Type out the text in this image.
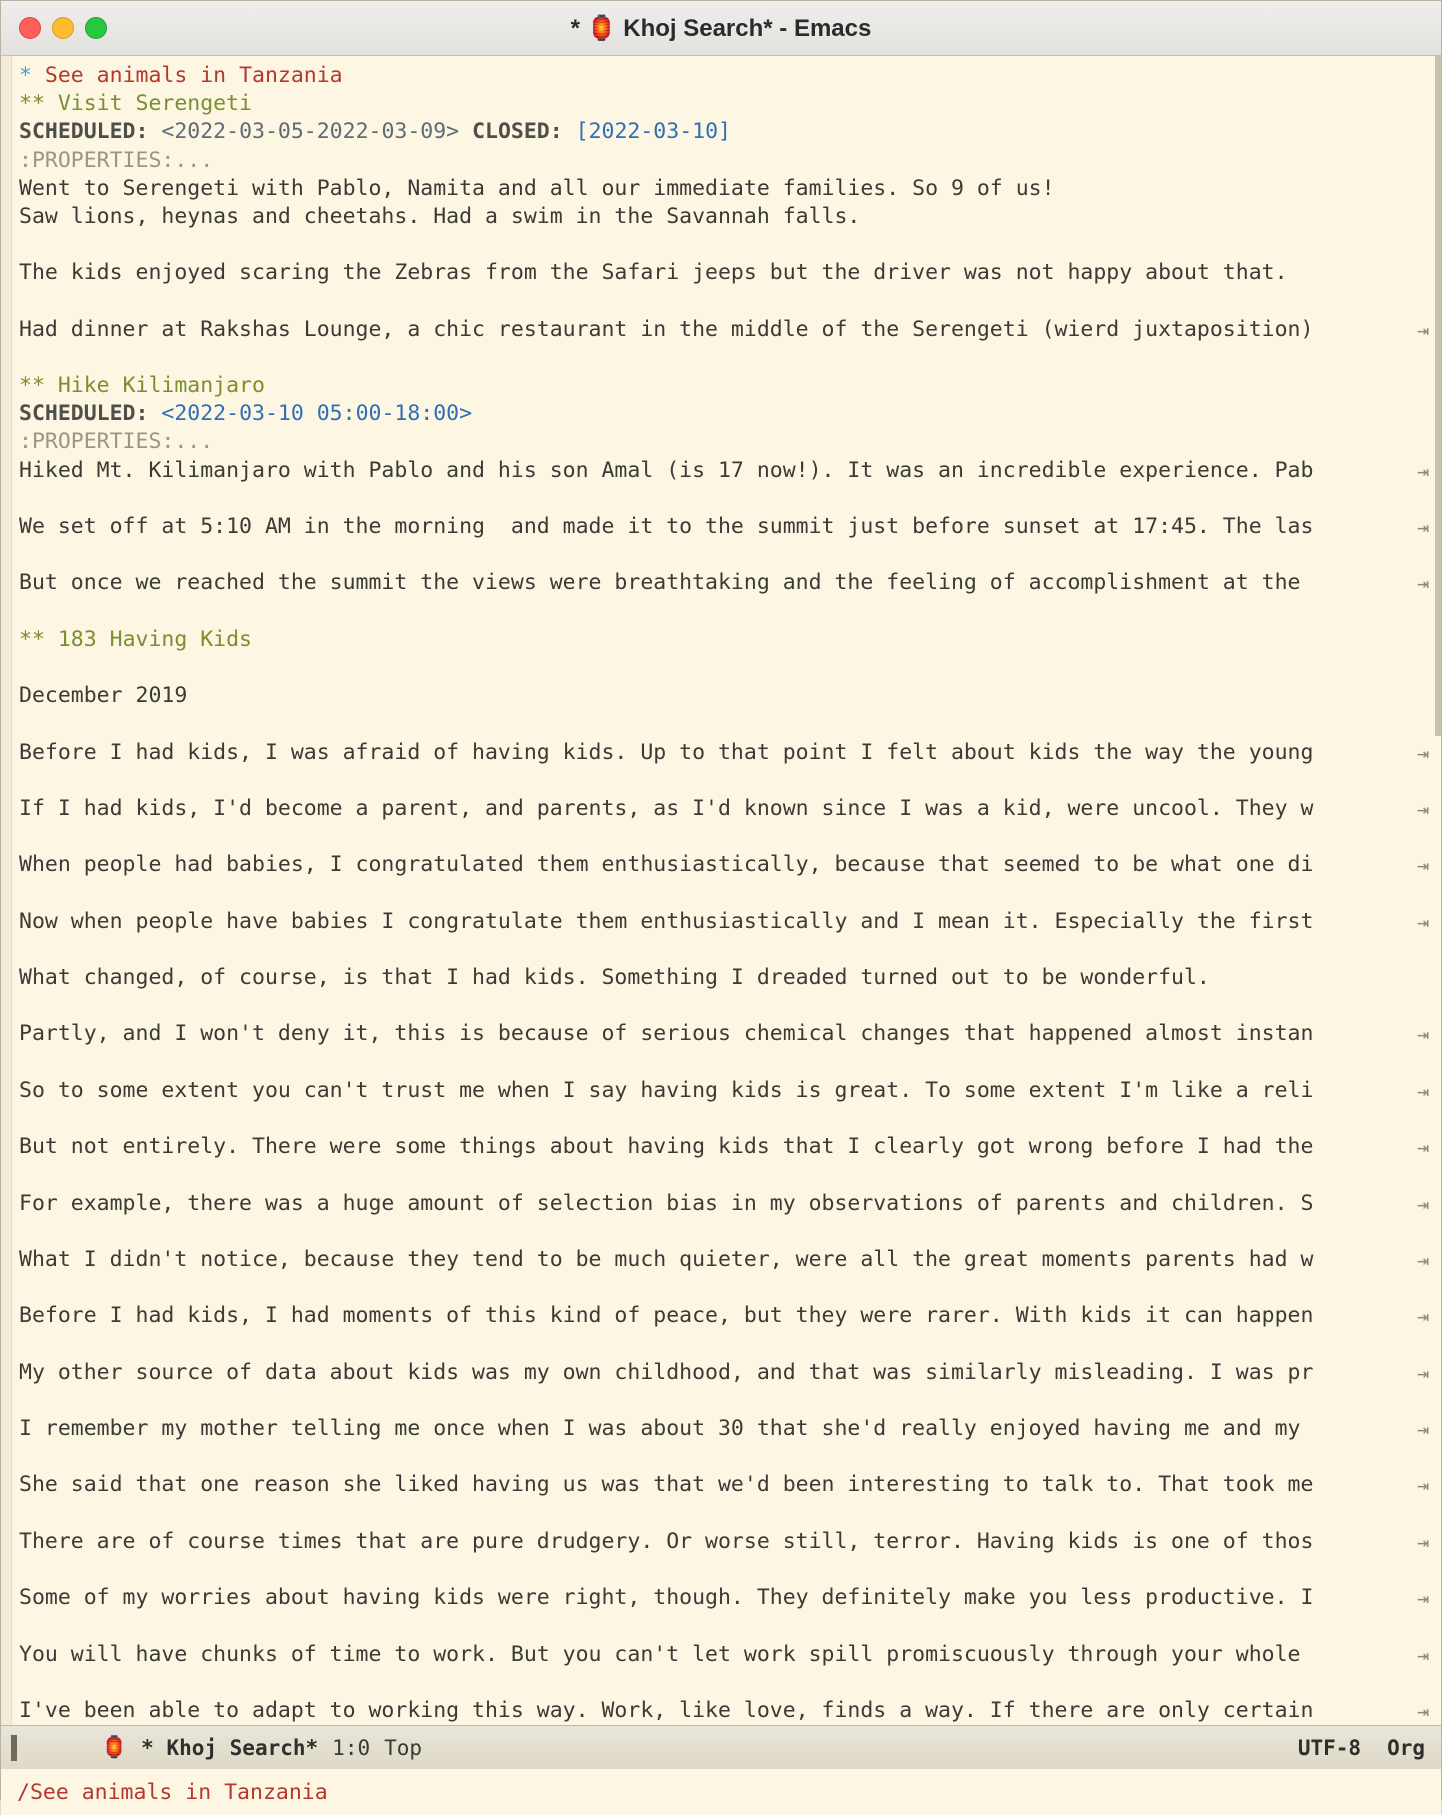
* 🏮 Khoj Search* - Emacs
* See animals in Tanzania
** Visit Serengeti
SCHEDULED: <2022-03-05-2022-03-09> CLOSED: [2022-03-10]
:PROPERTIES:...
Went to Serengeti with Pablo, Namita and all our immediate families. So 9 of us!
Saw lions, heynas and cheetahs. Had a swim in the Savannah falls.

The kids enjoyed scaring the Zebras from the Safari jeeps but the driver was not happy about that.

Had dinner at Rakshas Lounge, a chic restaurant in the middle of the Serengeti (wierd juxtaposition)	⇥

** Hike Kilimanjaro
SCHEDULED: <2022-03-10 05:00-18:00>
:PROPERTIES:...
Hiked Mt. Kilimanjaro with Pablo and his son Amal (is 17 now!). It was an incredible experience. Pab	⇥

We set off at 5:10 AM in the morning  and made it to the summit just before sunset at 17:45. The las	⇥

But once we reached the summit the views were breathtaking and the feeling of accomplishment at the	⇥

** 183 Having Kids

December 2019

Before I had kids, I was afraid of having kids. Up to that point I felt about kids the way the young	⇥

If I had kids, I'd become a parent, and parents, as I'd known since I was a kid, were uncool. They w	⇥

When people had babies, I congratulated them enthusiastically, because that seemed to be what one di	⇥

Now when people have babies I congratulate them enthusiastically and I mean it. Especially the first	⇥

What changed, of course, is that I had kids. Something I dreaded turned out to be wonderful.

Partly, and I won't deny it, this is because of serious chemical changes that happened almost instan	⇥

So to some extent you can't trust me when I say having kids is great. To some extent I'm like a reli	⇥

But not entirely. There were some things about having kids that I clearly got wrong before I had the	⇥

For example, there was a huge amount of selection bias in my observations of parents and children. S	⇥

What I didn't notice, because they tend to be much quieter, were all the great moments parents had w	⇥

Before I had kids, I had moments of this kind of peace, but they were rarer. With kids it can happen	⇥

My other source of data about kids was my own childhood, and that was similarly misleading. I was pr	⇥

I remember my mother telling me once when I was about 30 that she'd really enjoyed having me and my	⇥

She said that one reason she liked having us was that we'd been interesting to talk to. That took me	⇥

There are of course times that are pure drudgery. Or worse still, terror. Having kids is one of thos	⇥

Some of my worries about having kids were right, though. They definitely make you less productive. I	⇥

You will have chunks of time to work. But you can't let work spill promiscuously through your whole	⇥

I've been able to adapt to working this way. Work, like love, finds a way. If there are only certain	⇥
🏮 * Khoj Search* 1:0 Top	UTF-8 Org
/See animals in Tanzania
